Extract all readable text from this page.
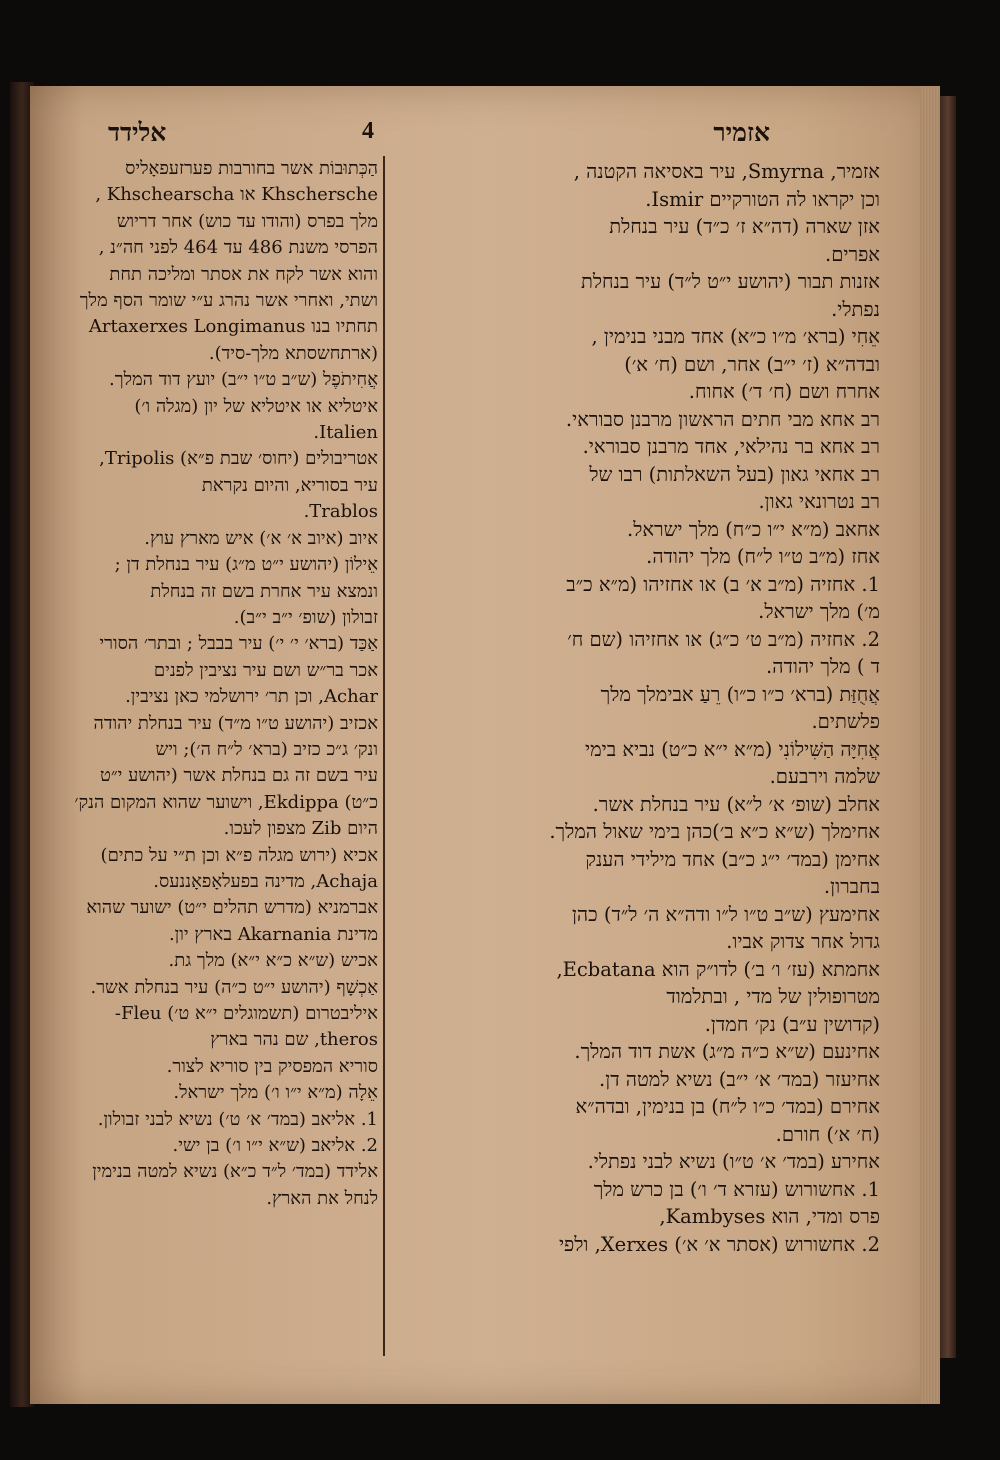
אזמיר
4
אלידד
אזמיר, Smyrna, עיר באסיאה הקטנה ,
וכן יקראו לה הטורקיים Ismir.
אזן שארה (דה״א ז׳ כ״ד) עיר בנחלת
אפרים.
אזנות תבור (יהושע י״ט ל״ד) עיר בנחלת
נפתלי.
אֵחִי (ברא׳ מ״ו כ״א) אחד מבני בנימין ,
ובדה״א (ז׳ י״ב) אחר, ושם (ח׳ א׳)
אחרח ושם (ח׳ ד׳) אחוח.
רב אחא מבי חתים הראשון מרבנן סבוראי.
רב אחא בר נהילאי, אחד מרבנן סבוראי.
רב אחאי גאון (בעל השאלתות) רבו של
רב נטרונאי גאון.
אחאב (מ״א י״ו כ״ח) מלך ישראל.
אחז (מ״ב ט״ו ל״ח) מלך יהודה.
1. אחזיה (מ״ב א׳ ב) או אחזיהו (מ״א כ״ב
מ׳) מלך ישראל.
2. אחזיה (מ״ב ט׳ כ״ג) או אחזיהו (שם ח׳
ד ) מלך יהודה.
אֲחֻזַּת (ברא׳ כ״ו כ״ו) רֵעַ אבימלך מלך
פלשתים.
אֲחִיָּה הַשִּׁילוֹנִי (מ״א י״א כ״ט) נביא בימי
שלמה וירבעם.
אחלב (שופ׳ א׳ ל״א) עיר בנחלת אשר.
אחימלך (ש״א כ״א ב׳)כהן בימי שאול המלך.
אחימן (במד׳ י״ג כ״ב) אחד מילידי הענק
בחברון.
אחימעץ (ש״ב ט״ו ל״ו ודה״א ה׳ ל״ד) כהן
גדול אחר צדוק אביו.
אחמתא (עז׳ ו׳ ב׳) לדו״ק הוא Ecbatana,
מטרופולין של מדי , ובתלמוד
(קדושין ע״ב) נק׳ חמדן.
אחינעם (ש״א כ״ה מ״ג) אשת דוד המלך.
אחיעזר (במד׳ א׳ י״ב) נשיא למטה דן.
אחירם (במד׳ כ״ו ל״ח) בן בנימין, ובדה״א
(ח׳ א׳) חורם.
אחירע (במד׳ א׳ ט״ו) נשיא לבני נפתלי.
1. אחשורוש (עזרא ד׳ ו׳) בן כרש מלך
פרס ומדי, הוא Kambyses,
2. אחשורוש (אסתר א׳ א׳) Xerxes, ולפי
הַכְּתוּבוֹת אשר בחורבות פערזעפאָליס
Khschersche או Khschearscha ,
מלך בפרס (והודו עד כוש) אחר דריוש
הפרסי משנת 486 עד 464 לפני חה״נ ,
והוא אשר לקח את אסתר ומליכה תחת
ושתי, ואחרי אשר נהרג ע״י שומר הסף מלך
תחתיו בנו Artaxerxes Longimanus
(ארתחשסתא מלך-סיד).
אֲחִיתֹפֶל (ש״ב ט״ו י״ב) יועץ דוד המלך.
איטליא או איטליא של יון (מגלה ו׳)
Italien.
אטריבולים (יחוס׳ שבת פ״א) Tripolis,
עיר בסוריא, והיום נקראת
Trablos.
איוב (איוב א׳ א׳) איש מארץ עוץ.
אֵילוֹן (יהושע י״ט מ״ג) עיר בנחלת דן ;
ונמצא עיר אחרת בשם זה בנחלת
זבולון (שופ׳ י״ב י״ב).
אַכַּד (ברא׳ י׳ י׳) עיר בבבל ; ובתר׳ הסורי
אכר בר״ש ושם עיר נציבין לפנים
Achar, וכן תר׳ ירושלמי כאן נציבין.
אכזיב (יהושע ט״ו מ״ד) עיר בנחלת יהודה
ונק׳ ג״כ כזיב (ברא׳ ל״ח ה׳); ויש
עיר בשם זה גם בנחלת אשר (יהושע י״ט
כ״ט) Ekdippa, וישוער שהוא המקום הנק׳
היום Zib מצפון לעכו.
אכיא (ירוש מגלה פ״א וכן ת״י על כתים)
Achaja, מדינה בפעלאָפאָננעס.
אברמניא (מדרש תהלים י״ט) ישוער שהוא
מדינת Akarnania בארץ יון.
אכיש (ש״א כ״א י״א) מלך גת.
אַכְשָׁף (יהושע י״ט כ״ה) עיר בנחלת אשר.
איליבטרום (תשמוגלים י״א ט׳) Fleu-
theros, שם נהר בארץ
סוריא המפסיק בין סוריא לצור.
אֵלָה (מ״א י״ו ו׳) מלך ישראל.
1. אליאב (במד׳ א׳ ט׳) נשיא לבני זבולון.
2. אליאב (ש״א י״ו ו׳) בן ישי.
אלידד (במד׳ ל״ד כ״א) נשיא למטה בנימין
לנחל את הארץ.
